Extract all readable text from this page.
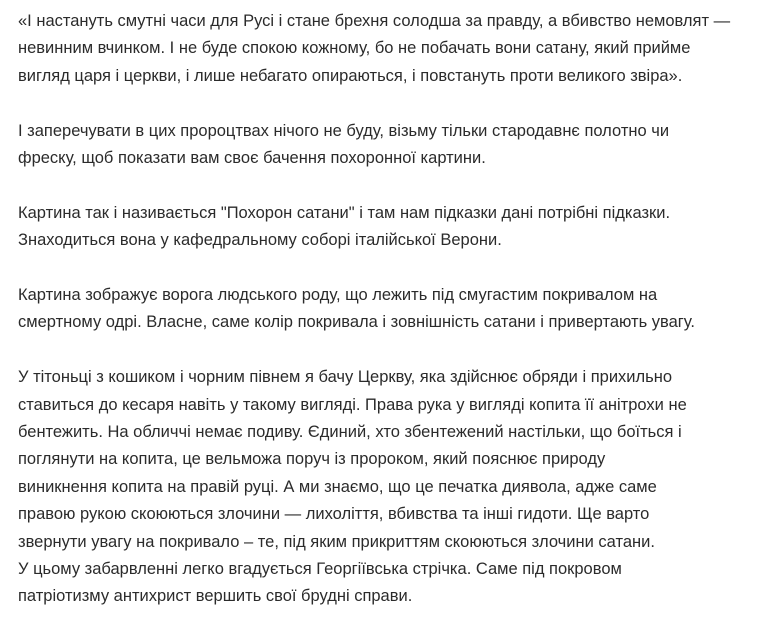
«І настануть смутні часи для Русі і стане брехня солодша за правду, а вбивство немовлят —
невинним вчинком. І не буде спокою кожному, бо не побачать вони сатану, який прийме
вигляд царя і церкви, і лише небагато опираються, і повстануть проти великого звіра».

І заперечувати в цих пророцтвах нічого не буду, візьму тільки стародавнє полотно чи
фреску, щоб показати вам своє бачення похоронної картини.

Картина так і називається "Похорон сатани" і там нам підказки дані потрібні підказки.
Знаходиться вона у кафедральному соборі італійської Верони.

Картина зображує ворога людського роду, що лежить під смугастим покривалом на
смертному одрі. Власне, саме колір покривала і зовнішність сатани і привертають увагу.

У тітоньці з кошиком і чорним півнем я бачу Церкву, яка здійснює обряди і прихильно
ставиться до кесаря навіть у такому вигляді. Права рука у вигляді копита її анітрохи не
бентежить. На обличчі немає подиву. Єдиний, хто збентежений настільки, що боїться і
поглянути на копита, це вельможа поруч із пророком, який пояснює природу
виникнення копита на правій руці. А ми знаємо, що це печатка диявола, адже саме
правою рукою скоюються злочини — лихоліття, вбивства та інші гидоти. Ще варто
звернути увагу на покривало – те, під яким прикриттям скоюються злочини сатани.

У цьому забарвленні легко вгадується Георгіївська стрічка. Саме під покровом
патріотизму антихрист вершить свої брудні справи.
